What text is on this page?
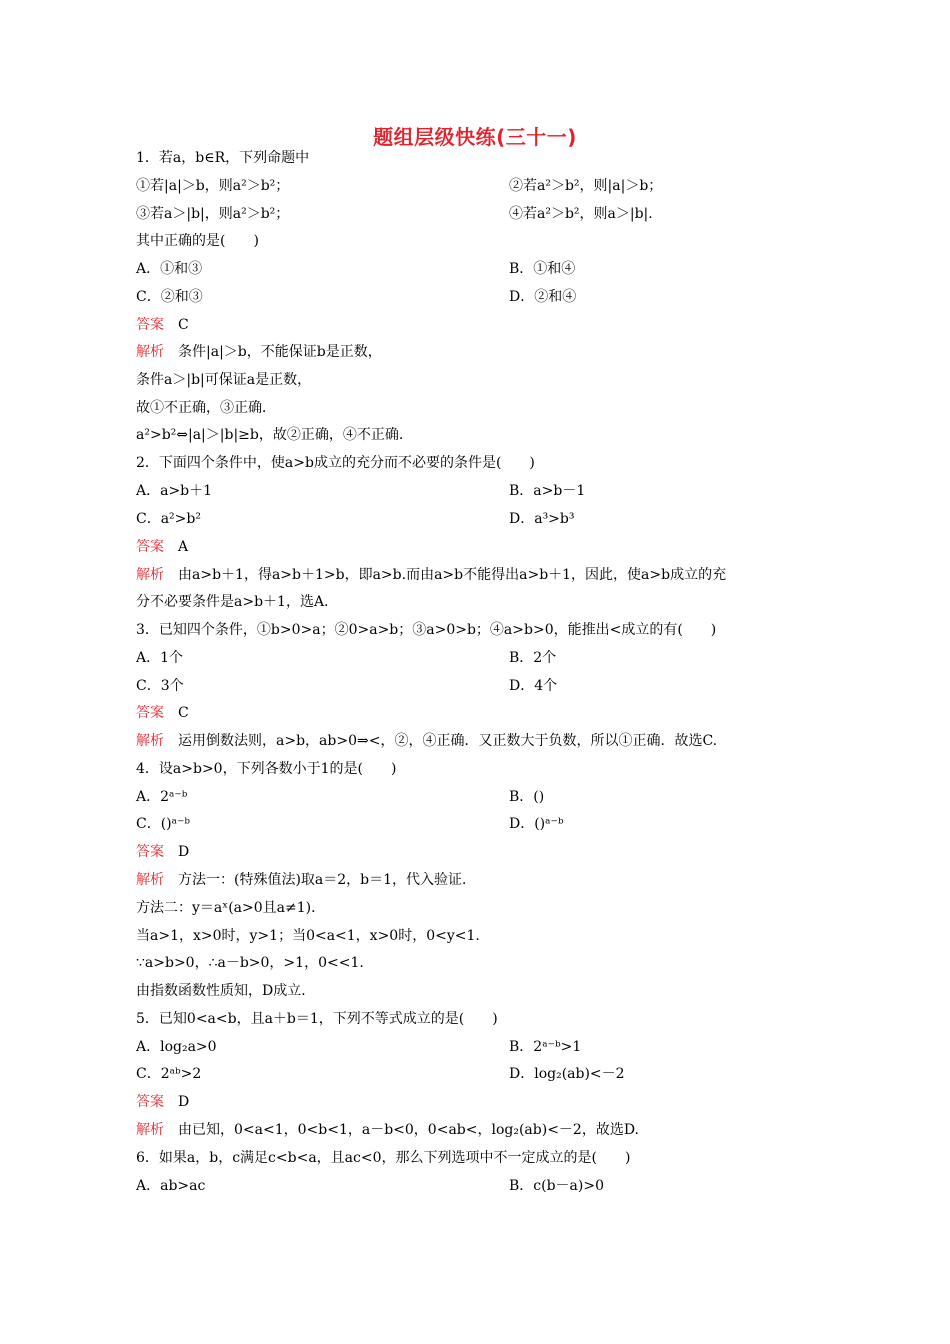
题组层级快练(三十一)
1．若a，b∈R，下列命题中
①若|a|＞b，则a²＞b²；	②若a²＞b²，则|a|＞b；
③若a＞|b|，则a²＞b²；	④若a²＞b²，则a＞|b|.
其中正确的是(　　)
A．①和③	B．①和④
C．②和③	D．②和④
答案 C
解析 条件|a|＞b，不能保证b是正数，
条件a＞|b|可保证a是正数，
故①不正确，③正确．
a²>b²⇔|a|＞|b|≥b，故②正确，④不正确．
2．下面四个条件中，使a>b成立的充分而不必要的条件是(　　)
A．a>b＋1	B．a>b－1
C．a²>b²	D．a³>b³
答案 A
解析 由a>b＋1，得a>b＋1>b，即a>b.而由a>b不能得出a>b＋1，因此，使a>b成立的充
分不必要条件是a>b＋1，选A.
3．已知四个条件，①b>0>a；②0>a>b；③a>0>b；④a>b>0，能推出<成立的有(　　)
A．1个	B．2个
C．3个	D．4个
答案 C
解析 运用倒数法则，a>b，ab>0⇒<，②，④正确．又正数大于负数，所以①正确．故选C.
4．设a>b>0，下列各数小于1的是(　　)
A．2ᵃ⁻ᵇ	B．()
C．()ᵃ⁻ᵇ	D．()ᵃ⁻ᵇ
答案 D
解析 方法一：(特殊值法)取a＝2，b＝1，代入验证．
方法二：y＝aˣ(a>0且a≠1)．
当a>1，x>0时，y>1；当0<a<1，x>0时，0<y<1.
∵a>b>0，∴a－b>0，>1，0<<1.
由指数函数性质知，D成立．
5．已知0<a<b，且a＋b＝1，下列不等式成立的是(　　)
A．log₂a>0	B．2ᵃ⁻ᵇ>1
C．2ᵃᵇ>2	D．log₂(ab)<－2
答案 D
解析 由已知，0<a<1，0<b<1，a－b<0，0<ab<，log₂(ab)<－2，故选D.
6．如果a，b，c满足c<b<a，且ac<0，那么下列选项中不一定成立的是(　　)
A．ab>ac	B．c(b－a)>0
